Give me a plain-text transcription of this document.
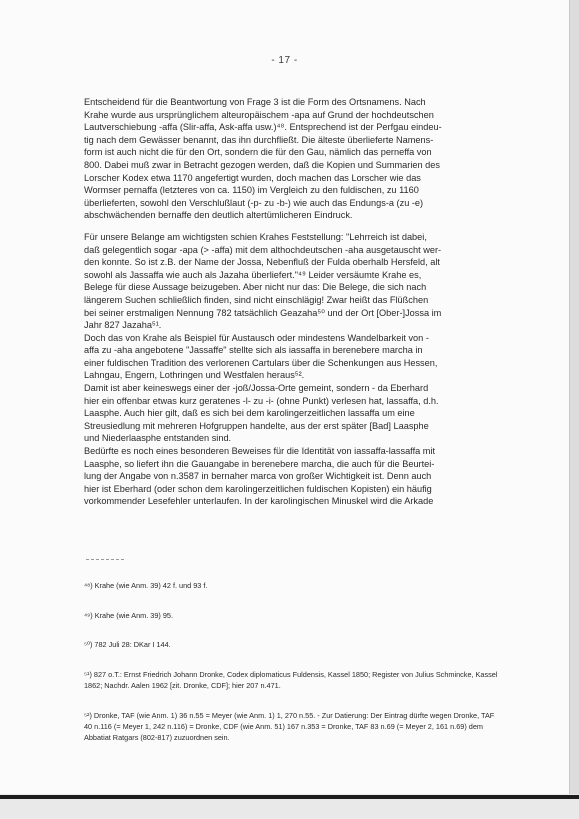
- 17 -

Entscheidend für die Beantwortung von Frage 3 ist die Form des Ortsnamens. Nach

Krahe wurde aus ursprünglichem alteuropäischem -apa auf Grund der hochdeutschen

Lautverschiebung -affa (Slir-affa, Ask-affa usw.)⁴⁸. Entsprechend ist der Perfgau eindeu-

tig nach dem Gewässer benannt, das ihn durchfließt. Die älteste überlieferte Namens-

form ist auch nicht die für den Ort, sondern die für den Gau, nämlich das perneffa von

800. Dabei muß zwar in Betracht gezogen werden, daß die Kopien und Summarien des

Lorscher Kodex etwa 1170 angefertigt wurden, doch machen das Lorscher wie das

Wormser pernaffa (letzteres von ca. 1150) im Vergleich zu den fuldischen, zu 1160

überlieferten, sowohl den Verschlußlaut (-p- zu -b-) wie auch das Endungs-a (zu -e)

abschwächenden bernaffe den deutlich altertümlicheren Eindruck.

Für unsere Belange am wichtigsten schien Krahes Feststellung: "Lehrreich ist dabei,

daß gelegentlich sogar -apa (> -affa) mit dem althochdeutschen -aha ausgetauscht wer-

den konnte. So ist z.B. der Name der Jossa, Nebenfluß der Fulda oberhalb Hersfeld, alt

sowohl als Jassaffa wie auch als Jazaha überliefert."⁴⁹ Leider versäumte Krahe es,

Belege für diese Aussage beizugeben. Aber nicht nur das: Die Belege, die sich nach

längerem Suchen schließlich finden, sind nicht einschlägig! Zwar heißt das Flüßchen

bei seiner erstmaligen Nennung 782 tatsächlich Geazaha⁵⁰ und der Ort [Ober-]Jossa im

Jahr 827 Jazaha⁵¹.

Doch das von Krahe als Beispiel für Austausch oder mindestens Wandelbarkeit von -

affa zu -aha angebotene "Jassaffe" stellte sich als iassaffa in berenebere marcha in

einer fuldischen Tradition des verlorenen Cartulars über die Schenkungen aus Hessen,

Lahngau, Engern, Lothringen und Westfalen heraus⁵².

Damit ist aber keineswegs einer der -joß/Jossa-Orte gemeint, sondern - da Eberhard

hier ein offenbar etwas kurz geratenes -l- zu -i- (ohne Punkt) verlesen hat, lassaffa, d.h.

Laasphe. Auch hier gilt, daß es sich bei dem karolingerzeitlichen lassaffa um eine

Streusiedlung mit mehreren Hofgruppen handelte, aus der erst später [Bad] Laasphe

und Niederlaasphe entstanden sind.

Bedürfte es noch eines besonderen Beweises für die Identität von iassaffa-lassaffa mit

Laasphe, so liefert ihn die Gauangabe in berenebere marcha, die auch für die Beurtei-

lung der Angabe von n.3587 in bernaher marca von großer Wichtigkeit ist. Denn auch

hier ist Eberhard (oder schon dem karolingerzeitlichen fuldischen Kopisten) ein häufig

vorkommender Lesefehler unterlaufen. In der karolingischen Minuskel wird die Arkade

⁴⁸) Krahe (wie Anm. 39) 42 f. und 93 f.

⁴⁹) Krahe (wie Anm. 39) 95.

⁵⁰) 782 Juli 28: DKar I 144.

⁵¹) 827 o.T.: Ernst Friedrich Johann Dronke, Codex diplomaticus Fuldensis, Kassel 1850; Register von Julius Schmincke, Kassel 1862; Nachdr. Aalen 1962 [zit. Dronke, CDF]; hier 207 n.471.

⁵²) Dronke, TAF (wie Anm. 1) 36 n.55 = Meyer (wie Anm. 1) 1, 270 n.55. - Zur Datierung: Der Eintrag dürfte wegen Dronke, TAF 40 n.116 (= Meyer 1, 242 n.116) = Dronke, CDF (wie Anm. 51) 167 n.353 = Dronke, TAF 83 n.69 (= Meyer 2, 161 n.69) dem Abbatiat Ratgars (802-817) zuzuordnen sein.
